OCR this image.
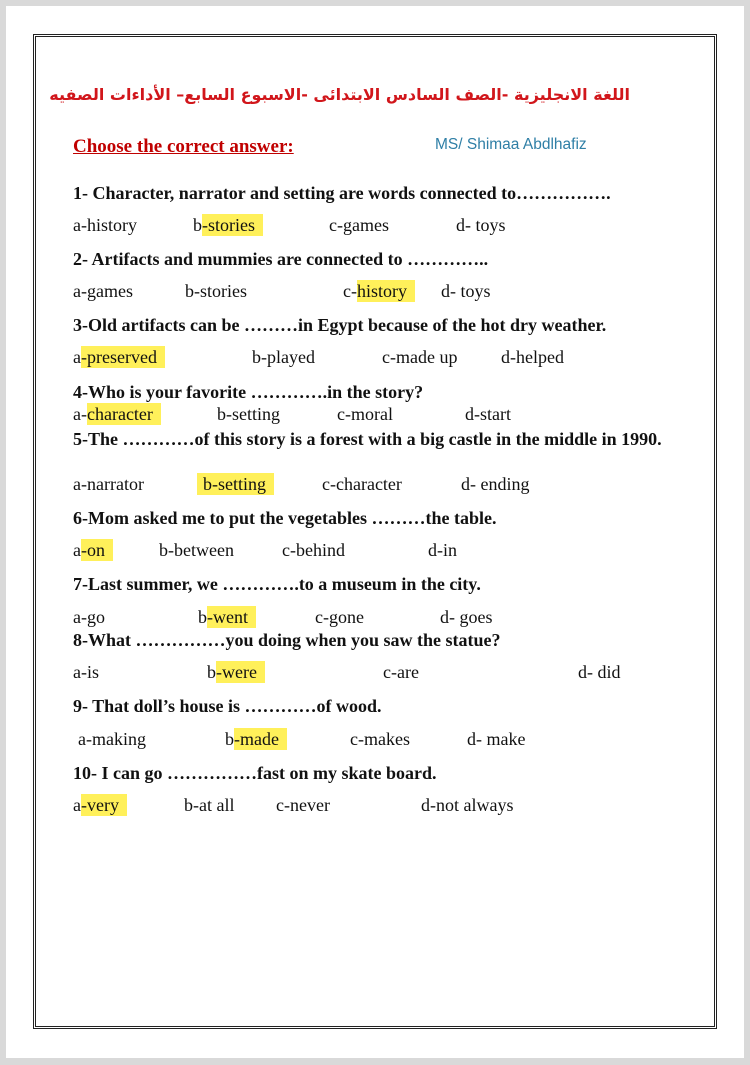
اللغة الانجليزية -الصف السادس الابتدائى -الاسبوع السابع– الأداءات الصفيه
Choose the correct answer:	MS/ Shimaa Abdlhafiz
1- Character, narrator and setting are words connected to…………….
a-history	b-stories	c-games	d- toys
2- Artifacts and mummies are connected to …………..
a-games	b-stories	c-history	d- toys
3-Old artifacts can be ………in Egypt because of the hot dry weather.
a-preserved	b-played	c-made up d-helped
4-Who is your favorite ………….in the story?
a-character	b-setting	c-moral	d-start
5-The …………of this story is a forest with a big castle in the middle in 1990.
a-narrator	b-setting	c-character	d- ending
6-Mom asked me to put the vegetables ………the table.
a-on	b-between	c-behind	d-in
7-Last summer, we ………….to a museum in the city.
a-go	b-went	c-gone	d- goes
8-What ……………you doing when you saw the statue?
a-is	b-were	c-are	d- did
9- That doll’s house is …………of wood.
a-making	b-made	c-makes	d- make
10- I can go ……………fast on my skate board.
a-very	b-at all c-never	d-not always
